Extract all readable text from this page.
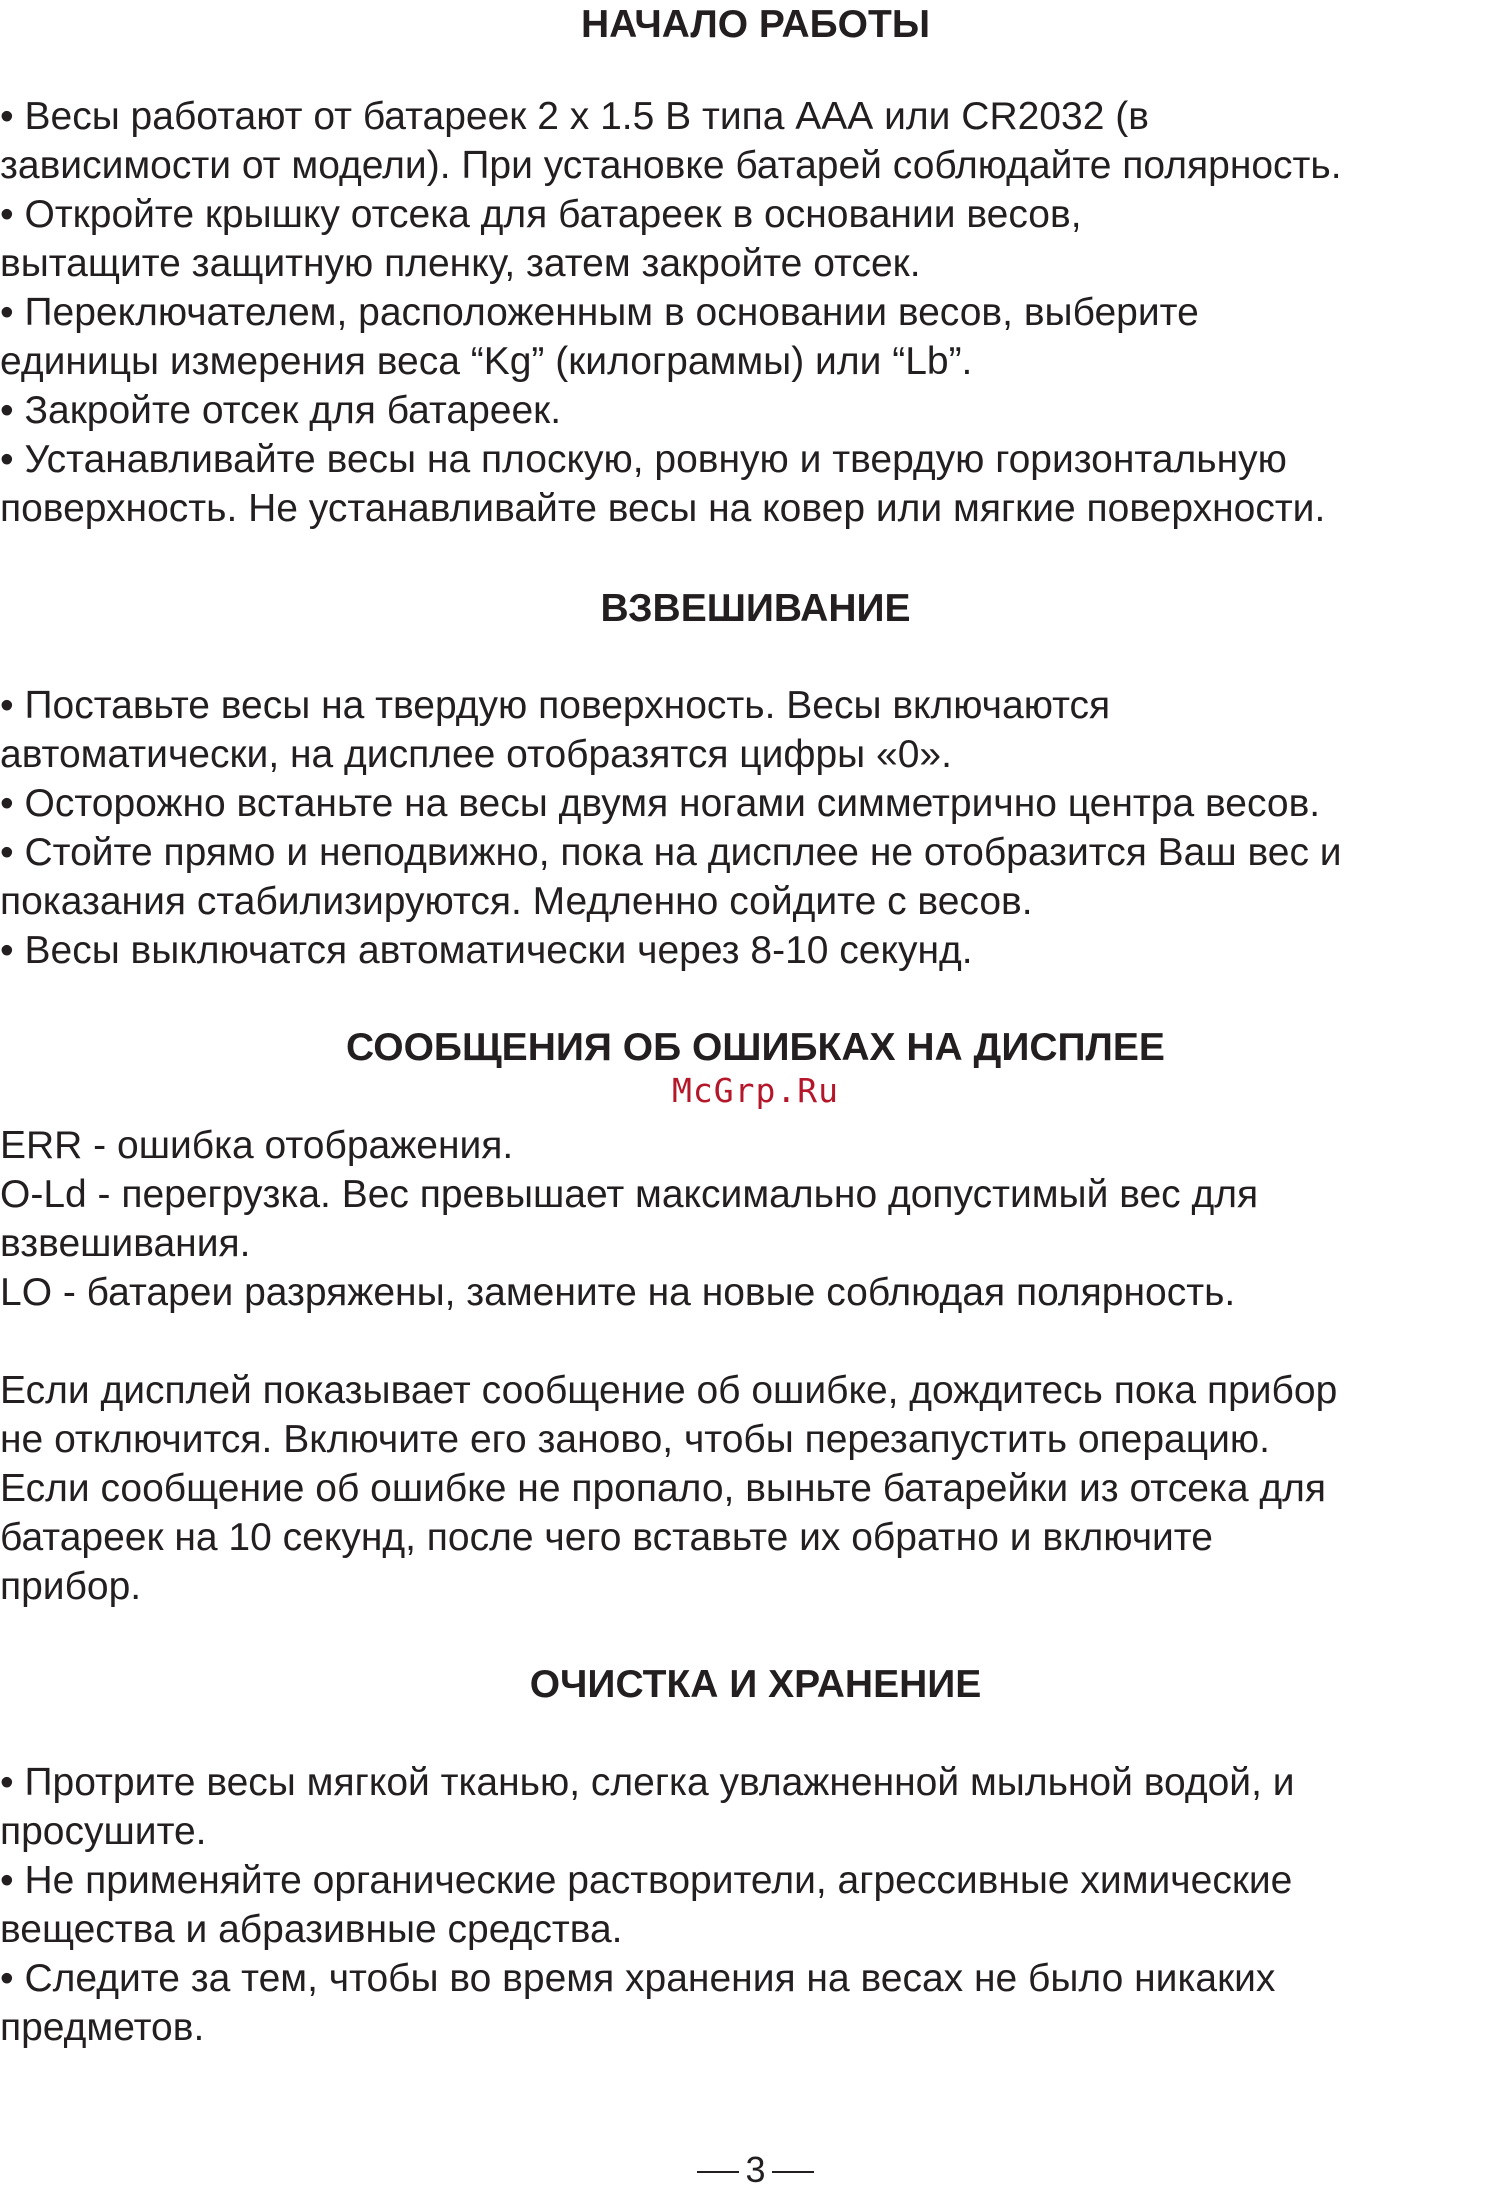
НАЧАЛО РАБОТЫ

• Весы работают от батареек 2 х 1.5 В типа ААА или CR2032 (в

зависимости от модели). При установке батарей соблюдайте полярность.

• Откройте крышку отсека для батареек в основании весов,

вытащите защитную пленку, затем закройте отсек.

• Переключателем, расположенным в основании весов, выберите

единицы измерения веса “Kg” (килограммы) или “Lb”.

• Закройте отсек для батареек.

• Устанавливайте весы на плоскую, ровную и твердую горизонтальную

поверхность. Не устанавливайте весы на ковер или мягкие поверхности.

ВЗВЕШИВАНИЕ

• Поставьте весы на твердую поверхность. Весы включаются

автоматически, на дисплее отобразятся цифры «0».

• Осторожно встаньте на весы двумя ногами симметрично центра весов.

• Стойте прямо и неподвижно, пока на дисплее не отобразится Ваш вес и

показания стабилизируются. Медленно сойдите с весов.

• Весы выключатся автоматически через 8-10 секунд.

СООБЩЕНИЯ ОБ ОШИБКАХ НА ДИСПЛЕЕ
McGrp.Ru

ERR - ошибка отображения.

O-Ld - перегрузка. Вес превышает максимально допустимый вес для

взвешивания.

LO - батареи разряжены, замените на новые соблюдая полярность.

Если дисплей показывает сообщение об ошибке, дождитесь пока прибор

не отключится. Включите его заново, чтобы перезапустить операцию.

Если сообщение об ошибке не пропало, выньте батарейки из отсека для

батареек на 10 секунд, после чего вставьте их обратно и включите

прибор.

ОЧИСТКА И ХРАНЕНИЕ

• Протрите весы мягкой тканью, слегка увлажненной мыльной водой, и

просушите.

• Не применяйте органические растворители, агрессивные химические

вещества и абразивные средства.

• Следите за тем, чтобы во время хранения на весах не было никаких

предметов.

3
